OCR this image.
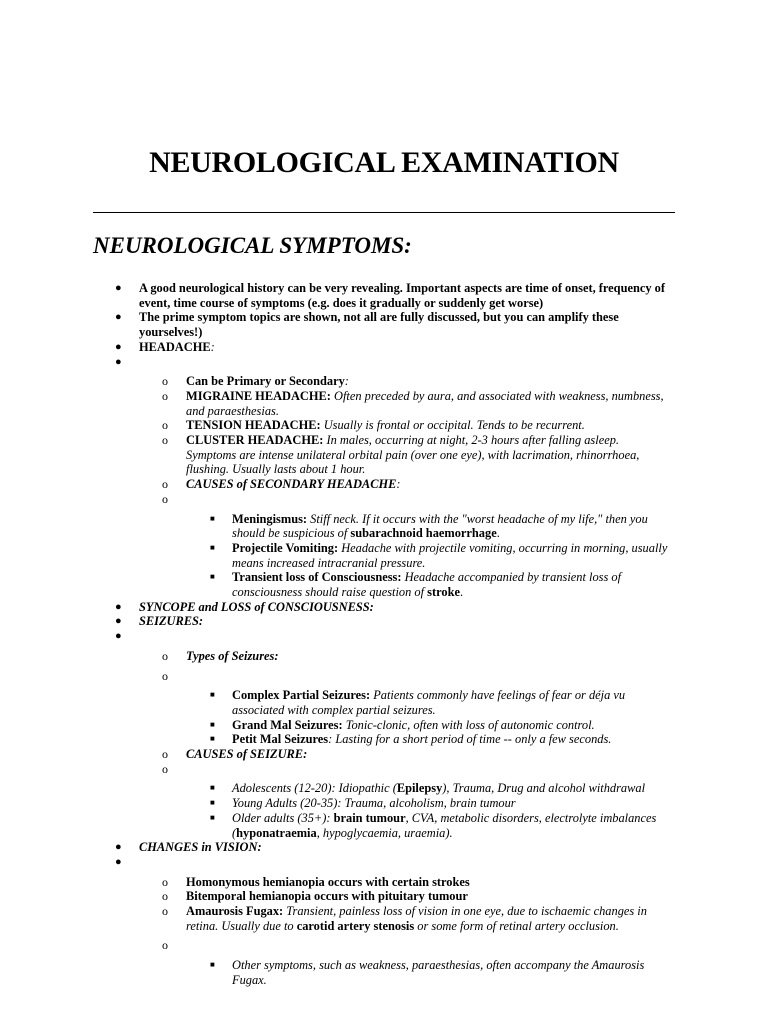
NEUROLOGICAL EXAMINATION
NEUROLOGICAL SYMPTOMS:
● A good neurological history can be very revealing. Important aspects are time of onset, frequency of event, time course of symptoms (e.g. does it gradually or suddenly get worse)
● The prime symptom topics are shown, not all are fully discussed, but you can amplify these yourselves!)
● HEADACHE:
●
o Can be Primary or Secondary:
o MIGRAINE HEADACHE: Often preceded by aura, and associated with weakness, numbness, and paraesthesias.
o TENSION HEADACHE: Usually is frontal or occipital. Tends to be recurrent.
o CLUSTER HEADACHE: In males, occurring at night, 2-3 hours after falling asleep. Symptoms are intense unilateral orbital pain (over one eye), with lacrimation, rhinorrhoea, flushing. Usually lasts about 1 hour.
o CAUSES of SECONDARY HEADACHE:
o
■ Meningismus: Stiff neck. If it occurs with the "worst headache of my life," then you should be suspicious of subarachnoid haemorrhage.
■ Projectile Vomiting: Headache with projectile vomiting, occurring in morning, usually means increased intracranial pressure.
■ Transient loss of Consciousness: Headache accompanied by transient loss of consciousness should raise question of stroke.
● SYNCOPE and LOSS of CONSCIOUSNESS:
● SEIZURES:
●
o Types of Seizures:
o
■ Complex Partial Seizures: Patients commonly have feelings of fear or déja vu associated with complex partial seizures.
■ Grand Mal Seizures: Tonic-clonic, often with loss of autonomic control.
■ Petit Mal Seizures: Lasting for a short period of time -- only a few seconds.
o CAUSES of SEIZURE:
o
■ Adolescents (12-20): Idiopathic (Epilepsy), Trauma, Drug and alcohol withdrawal
■ Young Adults (20-35): Trauma, alcoholism, brain tumour
■ Older adults (35+): brain tumour, CVA, metabolic disorders, electrolyte imbalances (hyponatraemia, hypoglycaemia, uraemia).
● CHANGES in VISION:
●
o Homonymous hemianopia occurs with certain strokes
o Bitemporal hemianopia occurs with pituitary tumour
o Amaurosis Fugax: Transient, painless loss of vision in one eye, due to ischaemic changes in retina. Usually due to carotid artery stenosis or some form of retinal artery occlusion.
o
■ Other symptoms, such as weakness, paraesthesias, often accompany the Amaurosis Fugax.
